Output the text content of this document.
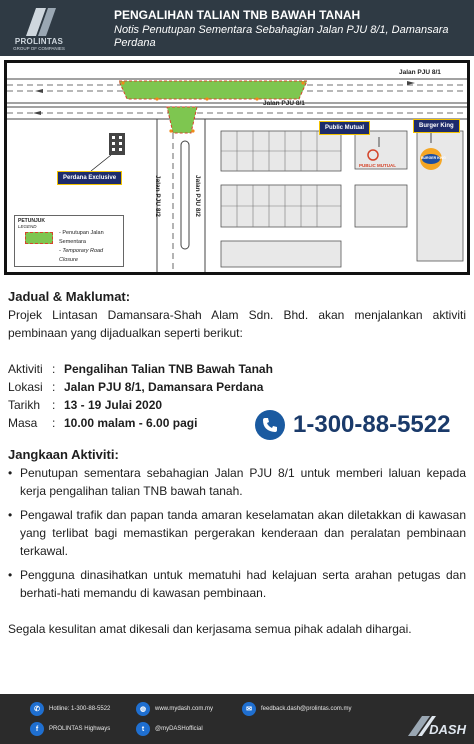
PROLINTAS
GROUP OF COMPANIES
PENGALIHAN TALIAN TNB BAWAH TANAH
Notis Penutupan Sementara Sebahagian Jalan PJU 8/1, Damansara Perdana
Jalan PJU 8/1
Jalan PJU 8/1
Jalan PJU 8/2	Jalan PJU 8/2
Public Mutual	Burger King
Perdana Exclusive
PUBLIC MUTUAL
BURGER KING
PETUNJUK
LEGEND
- Penutupan Jalan Sementara
- Temporary Road Closure
Jadual & Maklumat:
Projek Lintasan Damansara-Shah Alam Sdn. Bhd. akan menjalankan aktiviti pembinaan yang dijadualkan seperti berikut:
Aktiviti : Pengalihan Talian TNB Bawah Tanah
Lokasi : Jalan PJU 8/1, Damansara Perdana
Tarikh : 13 - 19 Julai 2020
Masa	: 10.00 malam - 6.00 pagi
Jangkaan Aktiviti:
• Penutupan sementara sebahagian Jalan PJU 8/1 untuk memberi laluan kepada kerja pengalihan talian TNB bawah tanah.
• Pengawal trafik dan papan tanda amaran keselamatan akan diletakkan di kawasan yang terlibat bagi memastikan pergerakan kenderaan dan peralatan pembinaan terkawal.
• Pengguna dinasihatkan untuk mematuhi had kelajuan serta arahan petugas dan berhati-hati memandu di kawasan pembinaan.
Segala kesulitan amat dikesali dan kerjasama semua pihak adalah dihargai.
1-300-88-5522
✆	Hotline: 1-300-88-5522	◍	www.mydash.com.my	✉	feedback.dash@prolintas.com.my
f	PROLINTAS Highways	t	@myDASHofficial	DASH
